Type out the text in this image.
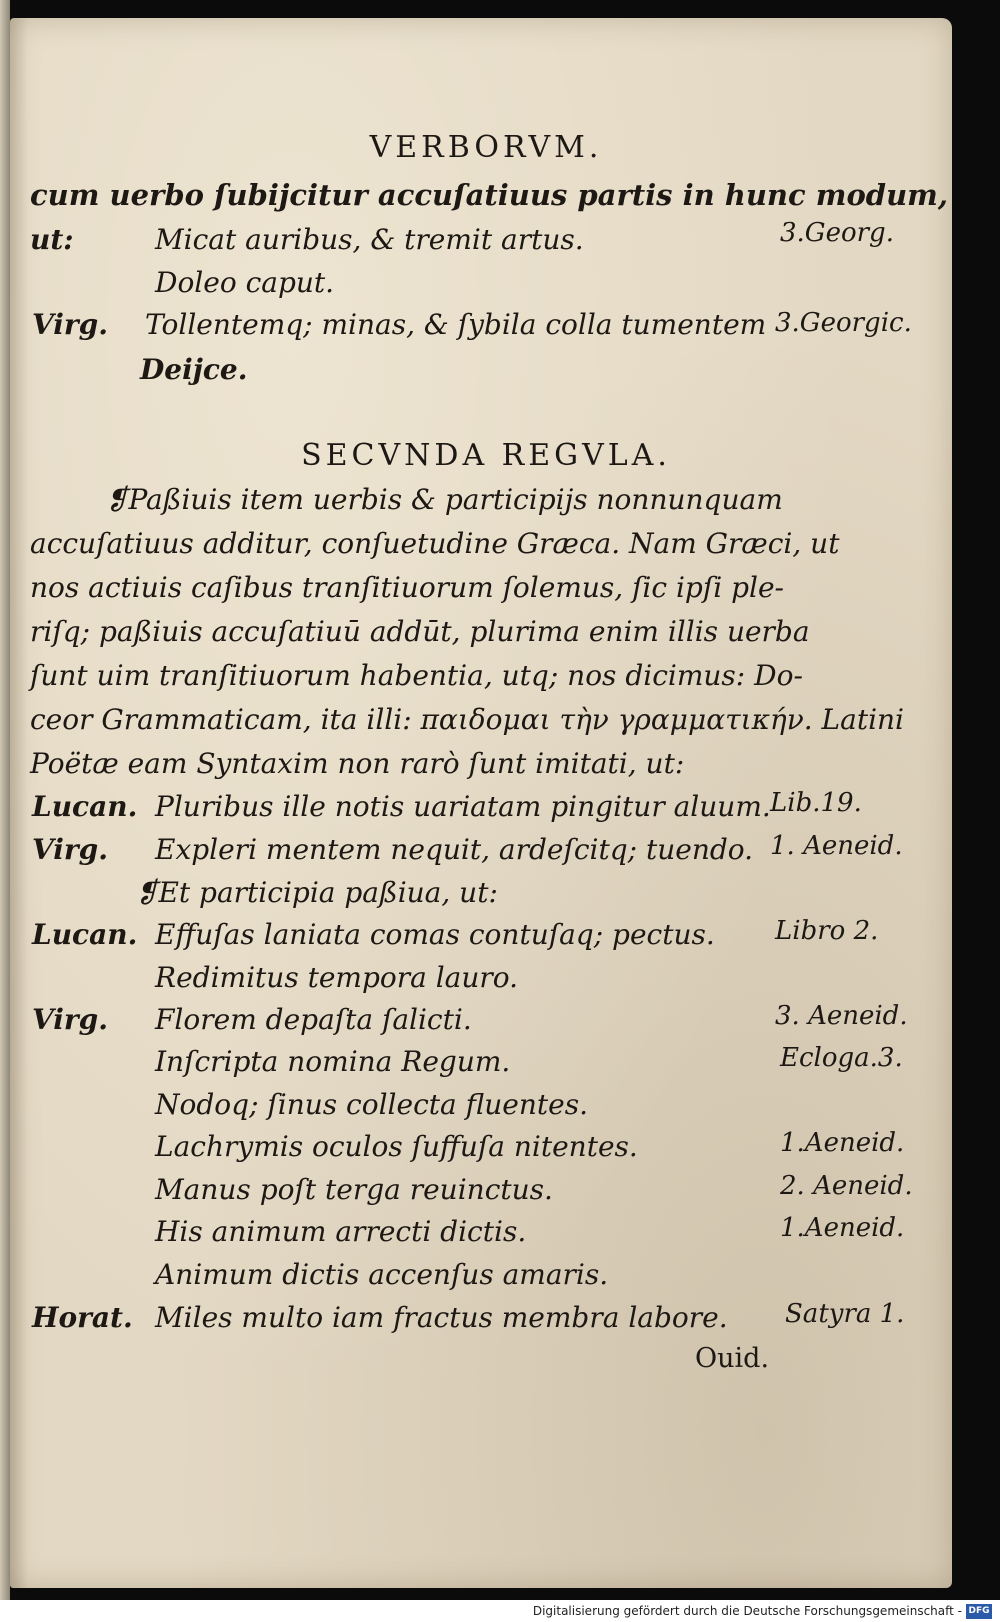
VERBORVM.
cum uerbo ſubijcitur accuſatiuus partis in hunc modum,
ut:	Micat auribus, & tremit artus.	3.Georg.
Doleo caput.
Virg. Tollentemq; minas, & ſybila colla tumentem 3.Georgic.
Deijce.
SECVNDA REGVLA.
❡Paßiuis item uerbis & participijs nonnunquam
accuſatiuus additur, conſuetudine Græca. Nam Græci, ut
nos actiuis caſibus tranſitiuorum ſolemus, ſic ipſi ple-
riſq; paßiuis accuſatiuū addūt, plurima enim illis uerba
ſunt uim tranſitiuorum habentia, utq; nos dicimus: Do-
ceor Grammaticam, ita illi: παιδομαι τὴν γραμματικήν. Latini
Poëtæ eam Syntaxim non rarò ſunt imitati, ut:
Lucan. Pluribus ille notis uariatam pingitur aluum. Lib.19.
Virg. Expleri mentem nequit, ardeſcitq; tuendo. 1. Aeneid.
❡Et participia paßiua, ut:
Lucan. Effuſas laniata comas contuſaq; pectus. Libro 2.
Redimitus tempora lauro.
Virg. Florem depaſta ſalicti.	3. Aeneid.
Inſcripta nomina Regum.	Ecloga.3.
Nodoq; ſinus collecta fluentes.
Lachrymis oculos ſuffuſa nitentes.	1.Aeneid.
Manus poſt terga reuinctus.	2. Aeneid.
His animum arrecti dictis.	1.Aeneid.
Animum dictis accenſus amaris.
Horat. Miles multo iam fractus membra labore. Satyra 1.
Ouid.
Digitalisierung gefördert durch die Deutsche Forschungsgemeinschaft - DFG
